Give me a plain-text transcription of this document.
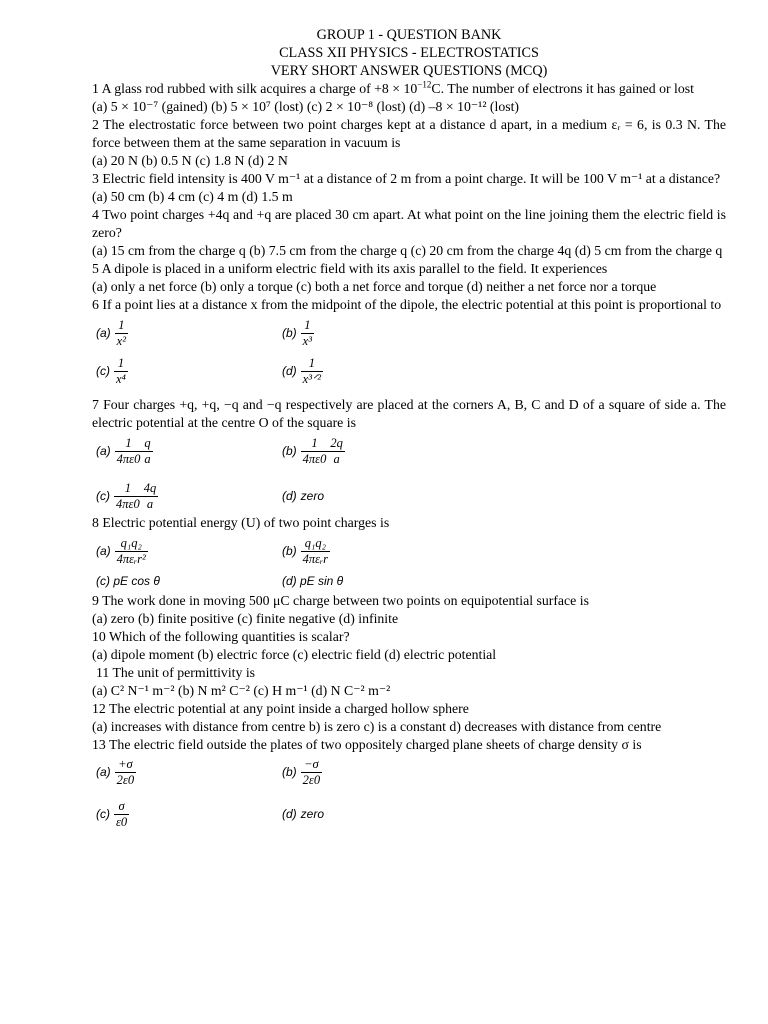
GROUP 1 - QUESTION BANK
CLASS XII PHYSICS - ELECTROSTATICS
VERY SHORT ANSWER QUESTIONS (MCQ)
1 A glass rod rubbed with silk acquires a charge of $+8 \times 10^{-12}C$. The number of electrons it has gained or lost
(a) 5 × 10⁻⁷ (gained) (b) 5 × 10⁷ (lost) (c) 2 × 10⁻⁸ (lost) (d) –8 × 10⁻¹² (lost)
2 The electrostatic force between two point charges kept at a distance d apart, in a medium εᵣ = 6, is 0.3 N. The force between them at the same separation in vacuum is
(a) 20 N (b) 0.5 N (c) 1.8 N (d) 2 N
3 Electric field intensity is 400 V m⁻¹ at a distance of 2 m from a point charge. It will be 100 V m⁻¹ at a distance?
(a) 50 cm (b) 4 cm (c) 4 m (d) 1.5 m
4 Two point charges +4q and +q are placed 30 cm apart. At what point on the line joining them the electric field is zero?
(a) 15 cm from the charge q (b) 7.5 cm from the charge q (c) 20 cm from the charge 4q (d) 5 cm from the charge q
5 A dipole is placed in a uniform electric field with its axis parallel to the field. It experiences
(a) only a net force (b) only a torque (c) both a net force and torque (d) neither a net force nor a torque
6 If a point lies at a distance x from the midpoint of the dipole, the electric potential at this point is proportional to
(a)
1
x²
(b)
1
x³
(c)
1
x⁴
(d)
1
x³ᐟ²
7 Four charges +q, +q, −q and −q respectively are placed at the corners A, B, C and D of a square of side a. The electric potential at the centre O of the square is
(a)
1
4πε0
q
a
(b)
1
4πε0
2q
a
(c)
1
4πε0
4q
a
(d) zero
8 Electric potential energy (U) of two point charges is
(a)
q₁q₂
4πεᵣr²
(b)
q₁q₂
4πεᵣr
(c) pE cos θ	(d) pE sin θ
9 The work done in moving 500 μC charge between two points on equipotential surface is
(a) zero (b) finite positive (c) finite negative (d) infinite
10 Which of the following quantities is scalar?
(a) dipole moment (b) electric force (c) electric field (d) electric potential
11 The unit of permittivity is
(a) C² N⁻¹ m⁻² (b) N m² C⁻² (c) H m⁻¹ (d) N C⁻² m⁻²
12 The electric potential at any point inside a charged hollow sphere
(a) increases with distance from centre b) is zero c) is a constant d) decreases with distance from centre
13 The electric field outside the plates of two oppositely charged plane sheets of charge density σ is
(a)
+σ
2ε0
(b)
−σ
2ε0
(c)
σ
ε0
(d) zero
